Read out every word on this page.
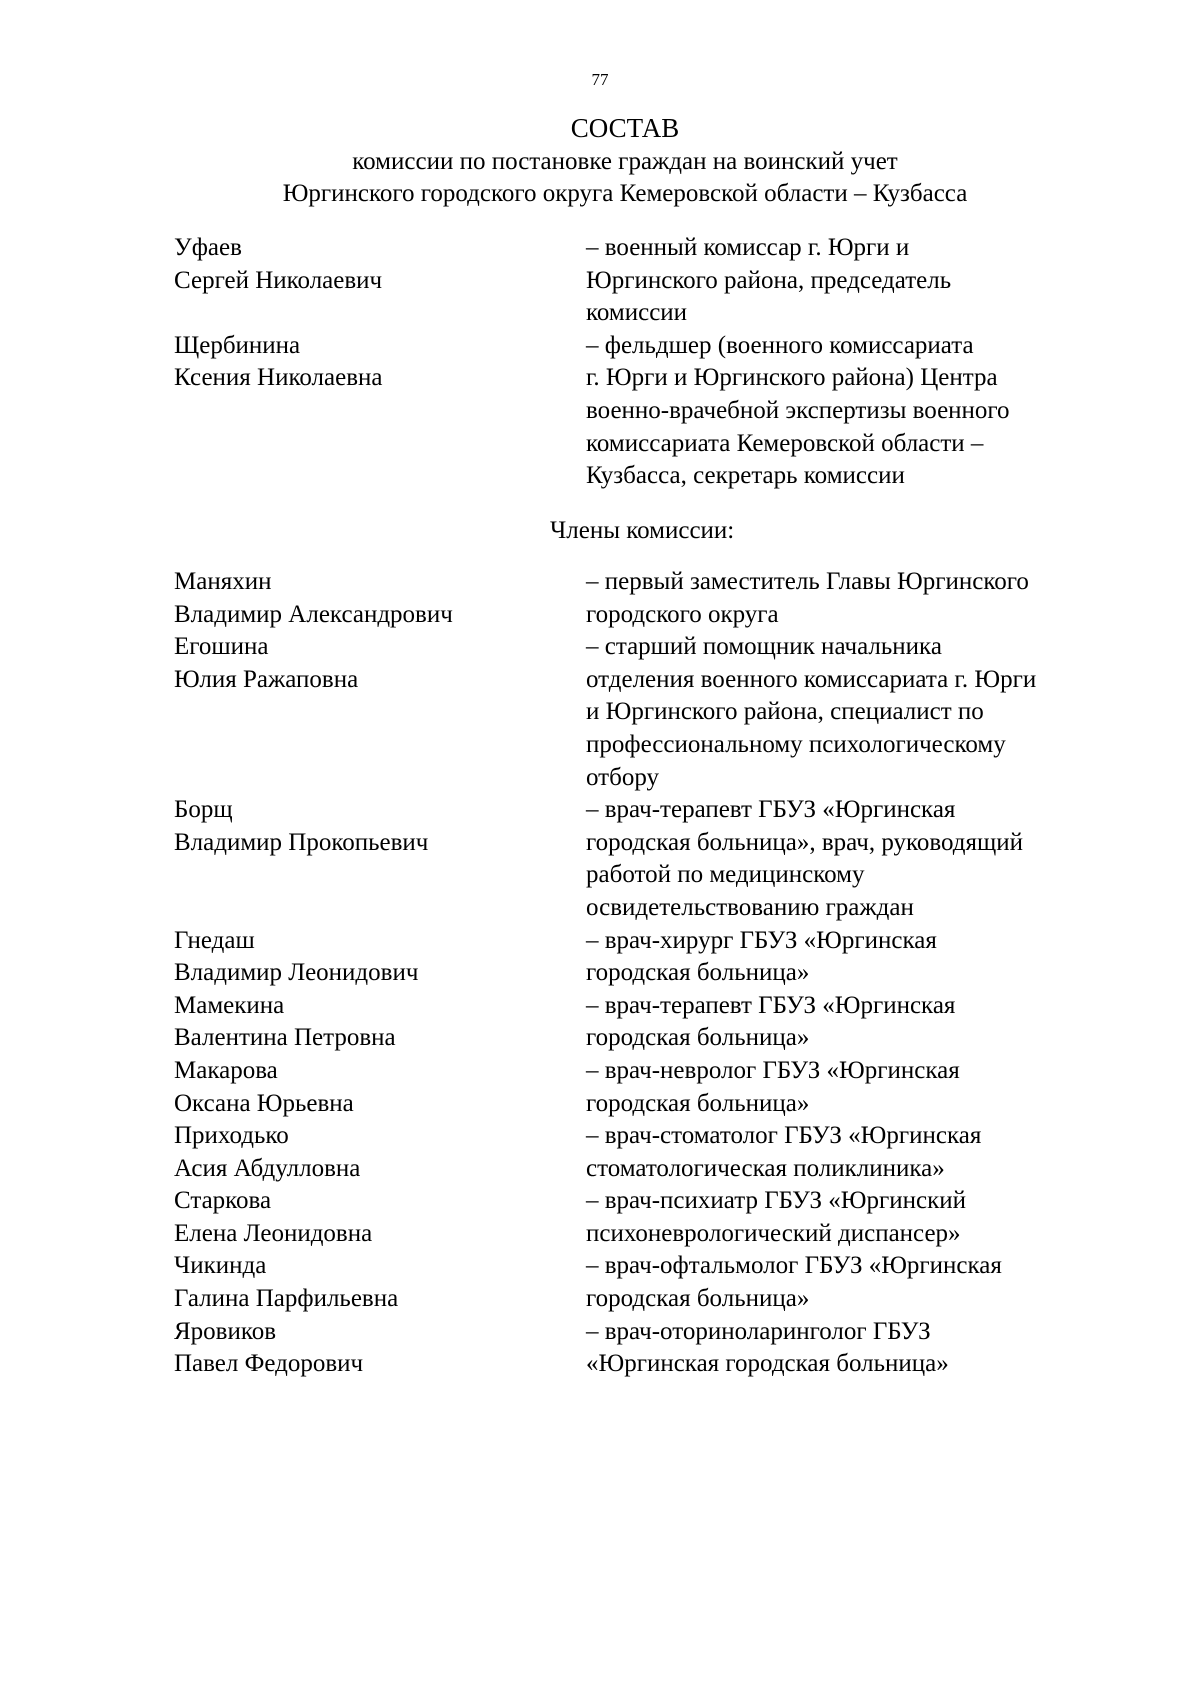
77
СОСТАВ
комиссии по постановке граждан на воинский учет
Юргинского городского округа Кемеровской области – Кузбасса
Уфаев
Сергей Николаевич
– военный комиссар г. Юрги и
Юргинского района, председатель
комиссии
Щербинина
Ксения Николаевна
– фельдшер (военного комиссариата
г. Юрги и Юргинского района) Центра
военно-врачебной экспертизы военного
комиссариата Кемеровской области –
Кузбасса, секретарь комиссии
Члены комиссии:
Маняхин
Владимир Александрович
– первый заместитель Главы Юргинского
городского округа
Егошина
Юлия Ражаповна
– старший помощник начальника
отделения военного комиссариата г. Юрги
и Юргинского района, специалист по
профессиональному психологическому
отбору
Борщ
Владимир Прокопьевич
– врач-терапевт ГБУЗ «Юргинская
городская больница», врач, руководящий
работой по медицинскому
освидетельствованию граждан
Гнедаш
Владимир Леонидович
– врач-хирург ГБУЗ «Юргинская
городская больница»
Мамекина
Валентина Петровна
– врач-терапевт ГБУЗ «Юргинская
городская больница»
Макарова
Оксана Юрьевна
– врач-невролог ГБУЗ «Юргинская
городская больница»
Приходько
Асия Абдулловна
– врач-стоматолог ГБУЗ «Юргинская
стоматологическая поликлиника»
Старкова
Елена Леонидовна
– врач-психиатр ГБУЗ «Юргинский
психоневрологический диспансер»
Чикинда
Галина Парфильевна
– врач-офтальмолог ГБУЗ «Юргинская
городская больница»
Яровиков
Павел Федорович
– врач-оториноларинголог ГБУЗ
«Юргинская городская больница»
